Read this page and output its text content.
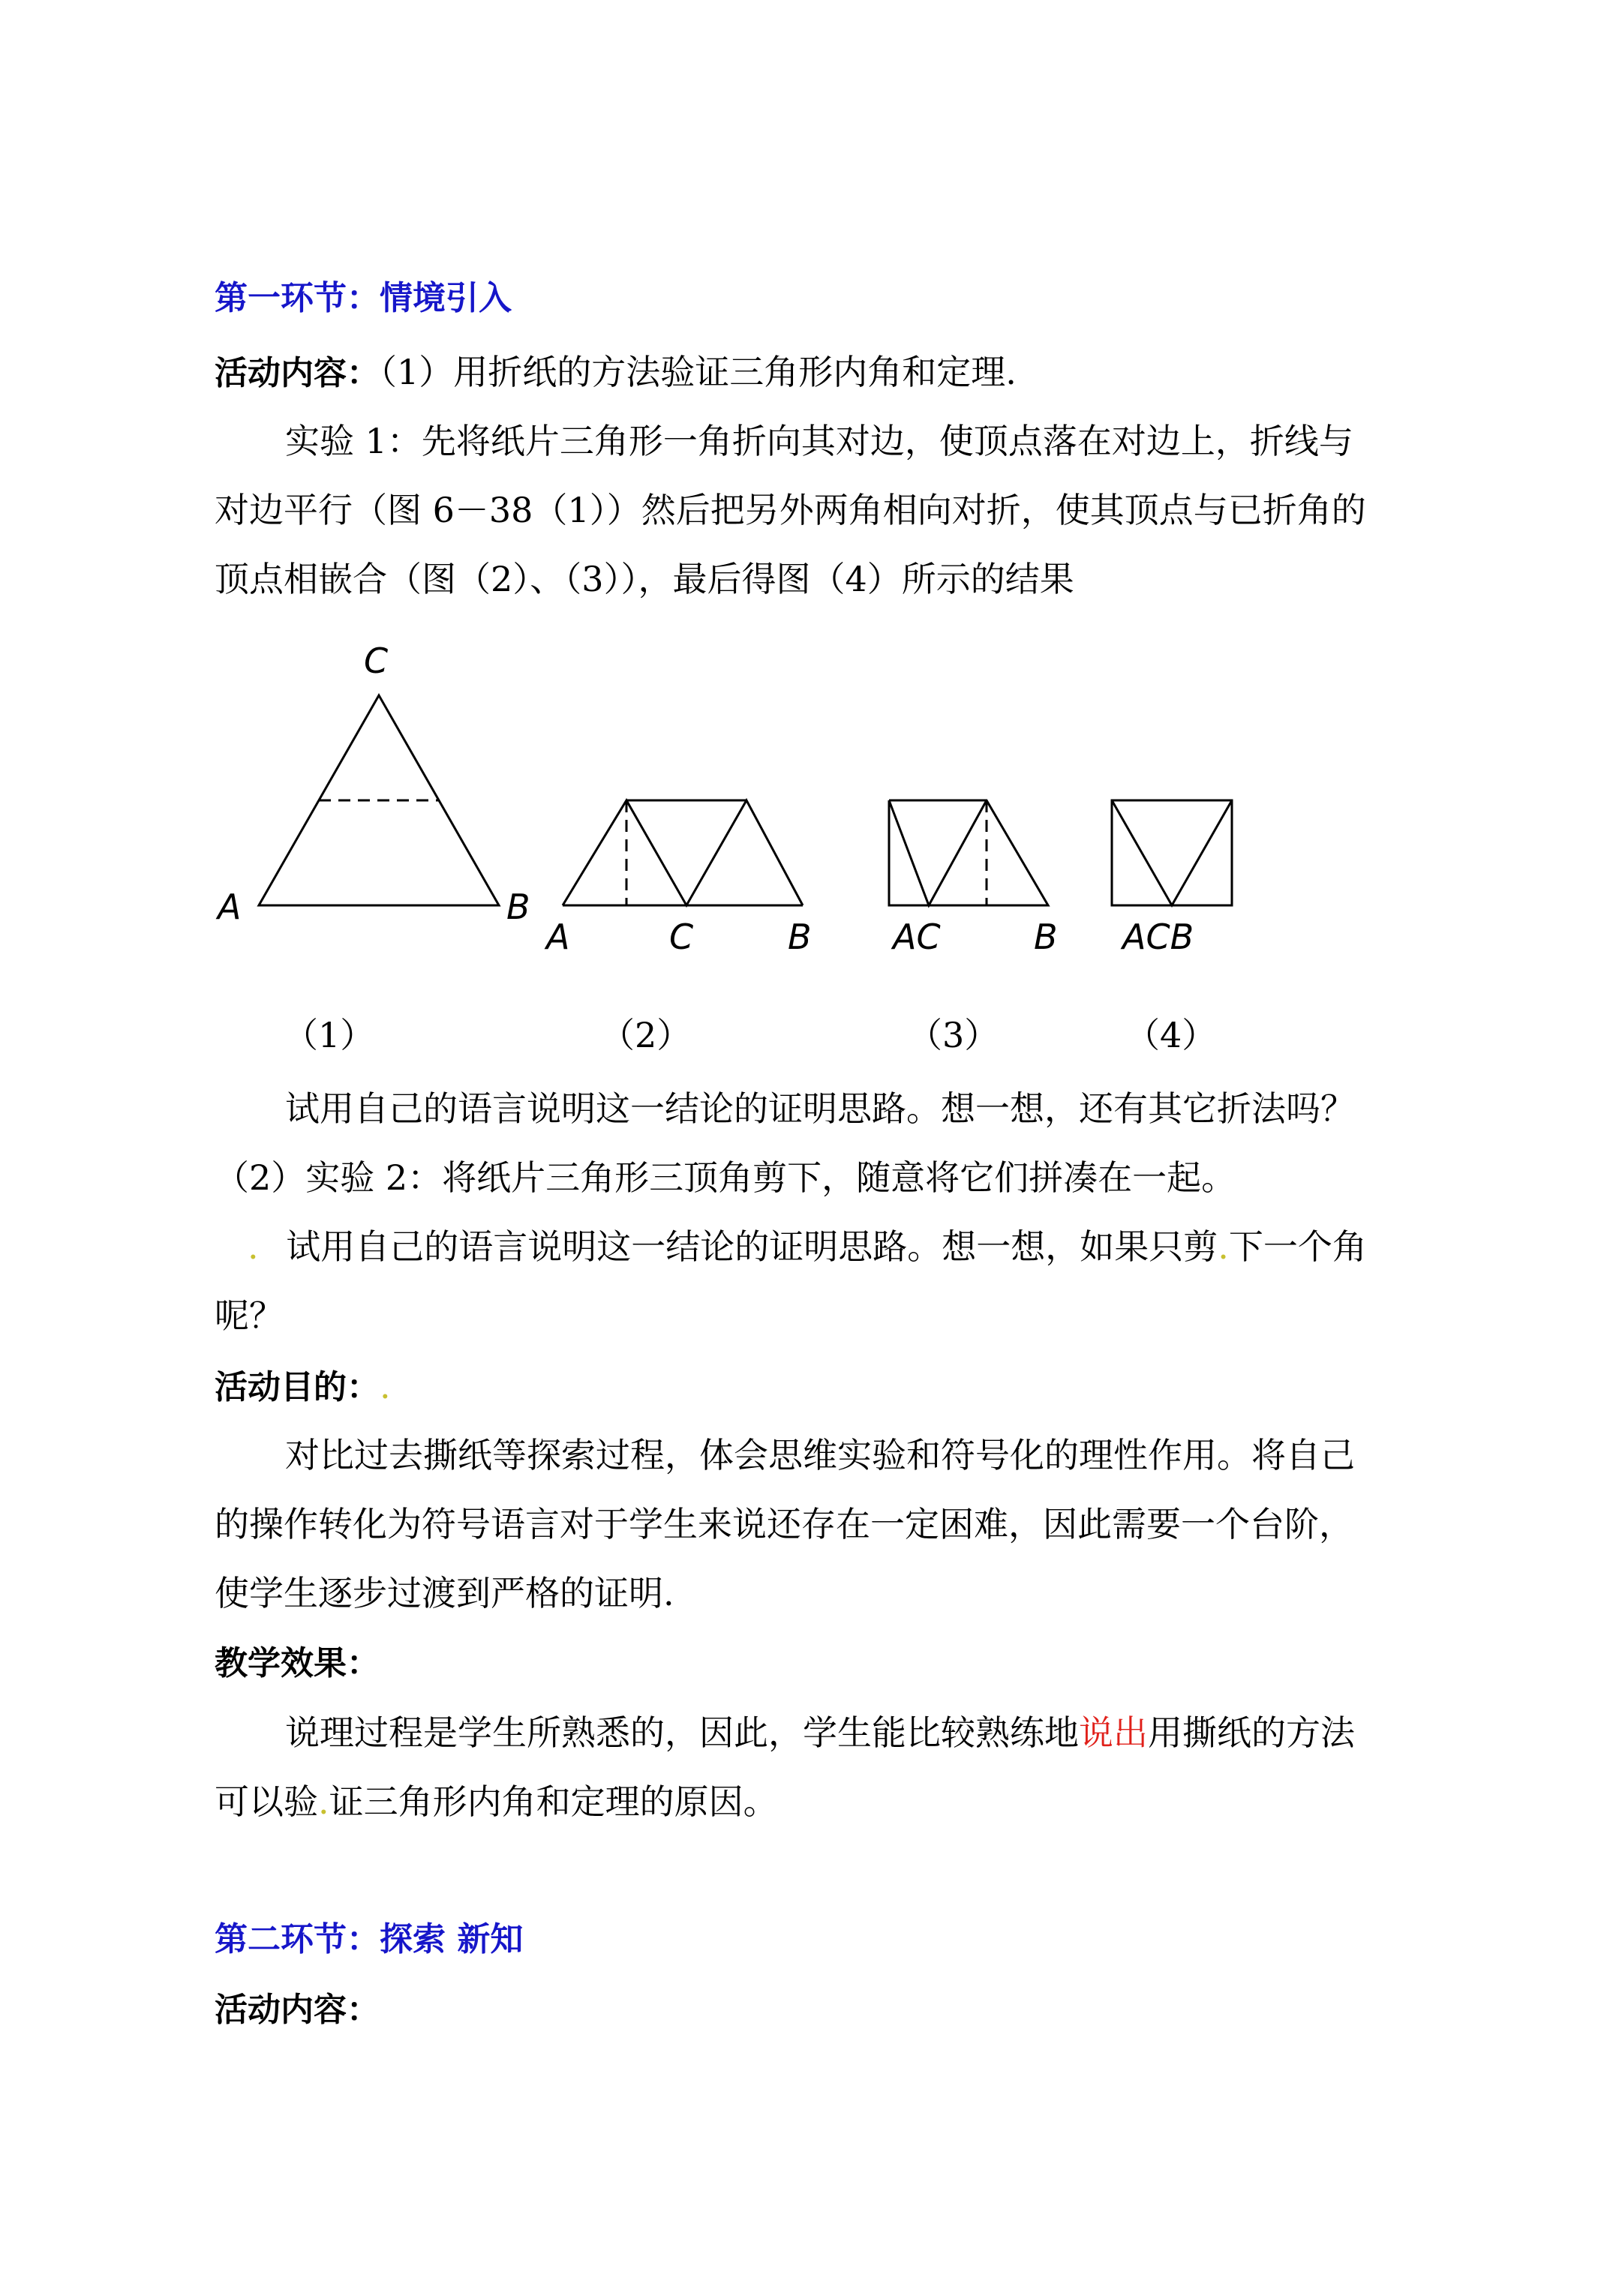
第一环节：情境引入
活动内容：（1）用折纸的方法验证三角形内角和定理.
实验 1：先将纸片三角形一角折向其对边，使顶点落在对边上，折线与
对边平行（图 6－38（1））然后把另外两角相向对折，使其顶点与已折角的
顶点相嵌合（图（2）、（3）），最后得图（4）所示的结果
C
A	B
A	C	B AC	B ACB
（1）	（2）	（3）	（4）
试用自己的语言说明这一结论的证明思路。想一想，还有其它折法吗？
（2）实验 2：将纸片三角形三顶角剪下，随意将它们拼凑在一起。
. 试用自己的语言说明这一结论的证明思路。想一想，如果只剪.下一个角
呢？
活动目的：.
对比过去撕纸等探索过程，体会思维实验和符号化的理性作用。将自己
的操作转化为符号语言对于学生来说还存在一定困难，因此需要一个台阶，
使学生逐步过渡到严格的证明.
教学效果：
说理过程是学生所熟悉的，因此，学生能比较熟练地说出用撕纸的方法
可以验.证三角形内角和定理的原因。
第二环节：探索 新知
活动内容：
